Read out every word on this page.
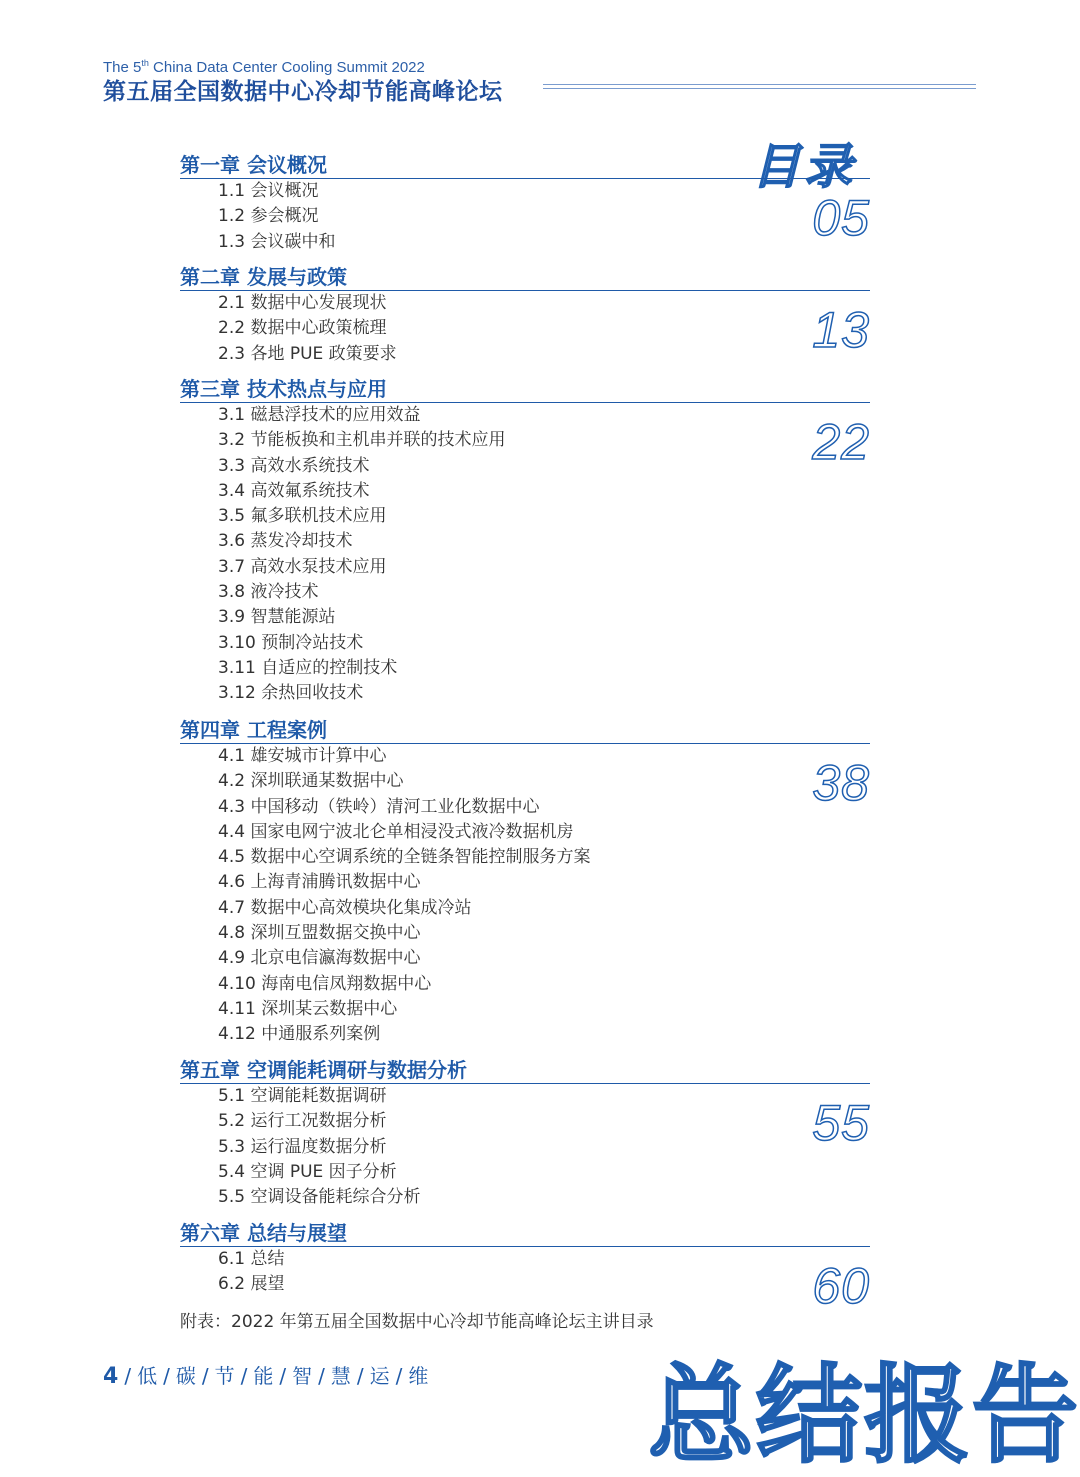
The 5th China Data Center Cooling Summit 2022
第五届全国数据中心冷却节能高峰论坛
目录
第一章 会议概况
05
1.1 会议概况
1.2 参会概况
1.3 会议碳中和
第二章 发展与政策
13
2.1 数据中心发展现状
2.2 数据中心政策梳理
2.3 各地 PUE 政策要求
第三章 技术热点与应用
22
3.1 磁悬浮技术的应用效益
3.2 节能板换和主机串并联的技术应用
3.3 高效水系统技术
3.4 高效氟系统技术
3.5 氟多联机技术应用
3.6 蒸发冷却技术
3.7 高效水泵技术应用
3.8 液冷技术
3.9 智慧能源站
3.10 预制冷站技术
3.11 自适应的控制技术
3.12 余热回收技术
第四章 工程案例
38
4.1 雄安城市计算中心
4.2 深圳联通某数据中心
4.3 中国移动（铁岭）清河工业化数据中心
4.4 国家电网宁波北仑单相浸没式液冷数据机房
4.5 数据中心空调系统的全链条智能控制服务方案
4.6 上海青浦腾讯数据中心
4.7 数据中心高效模块化集成冷站
4.8 深圳互盟数据交换中心
4.9 北京电信瀛海数据中心
4.10 海南电信凤翔数据中心
4.11 深圳某云数据中心
4.12 中通服系列案例
第五章 空调能耗调研与数据分析
55
5.1 空调能耗数据调研
5.2 运行工况数据分析
5.3 运行温度数据分析
5.4 空调 PUE 因子分析
5.5 空调设备能耗综合分析
第六章 总结与展望
60
6.1 总结
6.2 展望
附表：2022 年第五届全国数据中心冷却节能高峰论坛主讲目录
4 / 低 / 碳 / 节 / 能 / 智 / 慧 / 运 / 维 总结报告
